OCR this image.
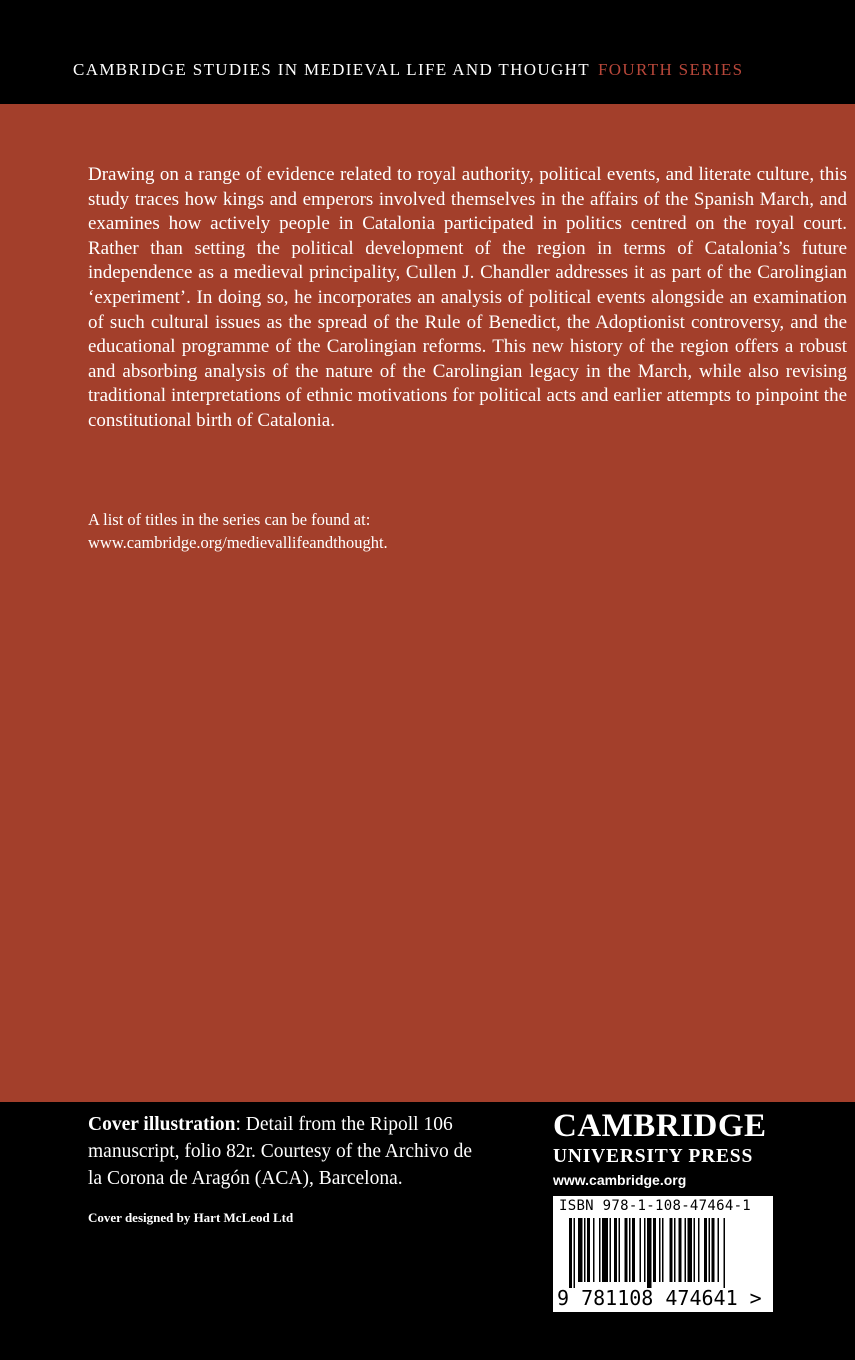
CAMBRIDGE STUDIES IN MEDIEVAL LIFE AND THOUGHT FOURTH SERIES

Drawing on a range of evidence related to royal authority, political events, and literate culture, this study traces how kings and emperors involved themselves in the affairs of the Spanish March, and examines how actively people in Catalonia participated in politics centred on the royal court. Rather than setting the political development of the region in terms of Catalonia’s future independence as a medieval principality, Cullen J. Chandler addresses it as part of the Carolingian ‘experiment’. In doing so, he incorporates an analysis of political events alongside an examination of such cultural issues as the spread of the Rule of Benedict, the Adoptionist controversy, and the educational programme of the Carolingian reforms. This new history of the region offers a robust and absorbing analysis of the nature of the Carolingian legacy in the March, while also revising traditional interpretations of ethnic motivations for political acts and earlier attempts to pinpoint the constitutional birth of Catalonia.

A list of titles in the series can be found at:
www.cambridge.org/medievallifeandthought.
Cover illustration: Detail from the Ripoll 106
manuscript, folio 82r. Courtesy of the Archivo de
la Corona de Aragón (ACA), Barcelona.
Cover designed by Hart McLeod Ltd
CAMBRIDGE
UNIVERSITY PRESS
www.cambridge.org
ISBN 978-1-108-47464-1
9 781108 474641 >
